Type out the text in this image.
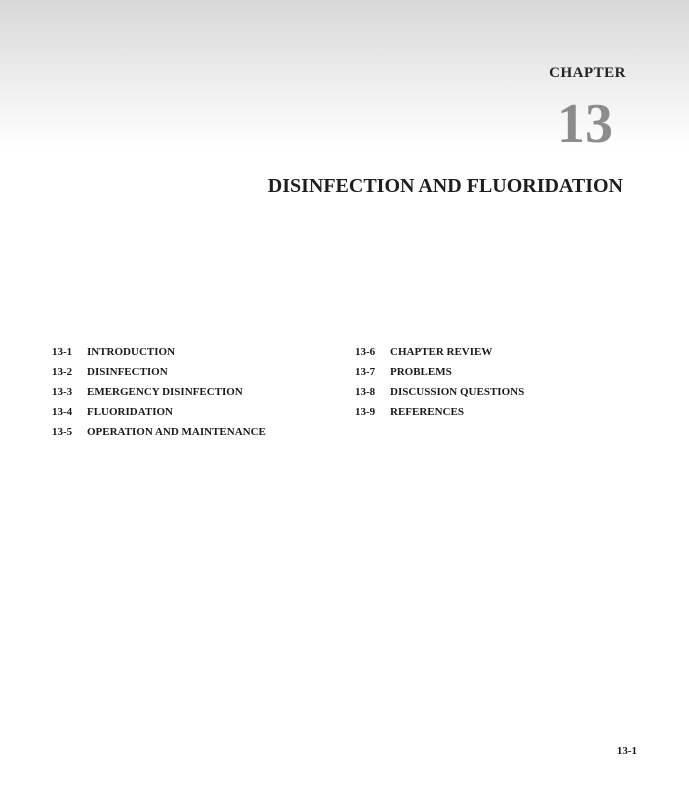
CHAPTER
13
DISINFECTION AND FLUORIDATION
13-1 INTRODUCTION
13-2 DISINFECTION
13-3 EMERGENCY DISINFECTION
13-4 FLUORIDATION
13-5 OPERATION AND MAINTENANCE
13-6 CHAPTER REVIEW
13-7 PROBLEMS
13-8 DISCUSSION QUESTIONS
13-9 REFERENCES
13-1
